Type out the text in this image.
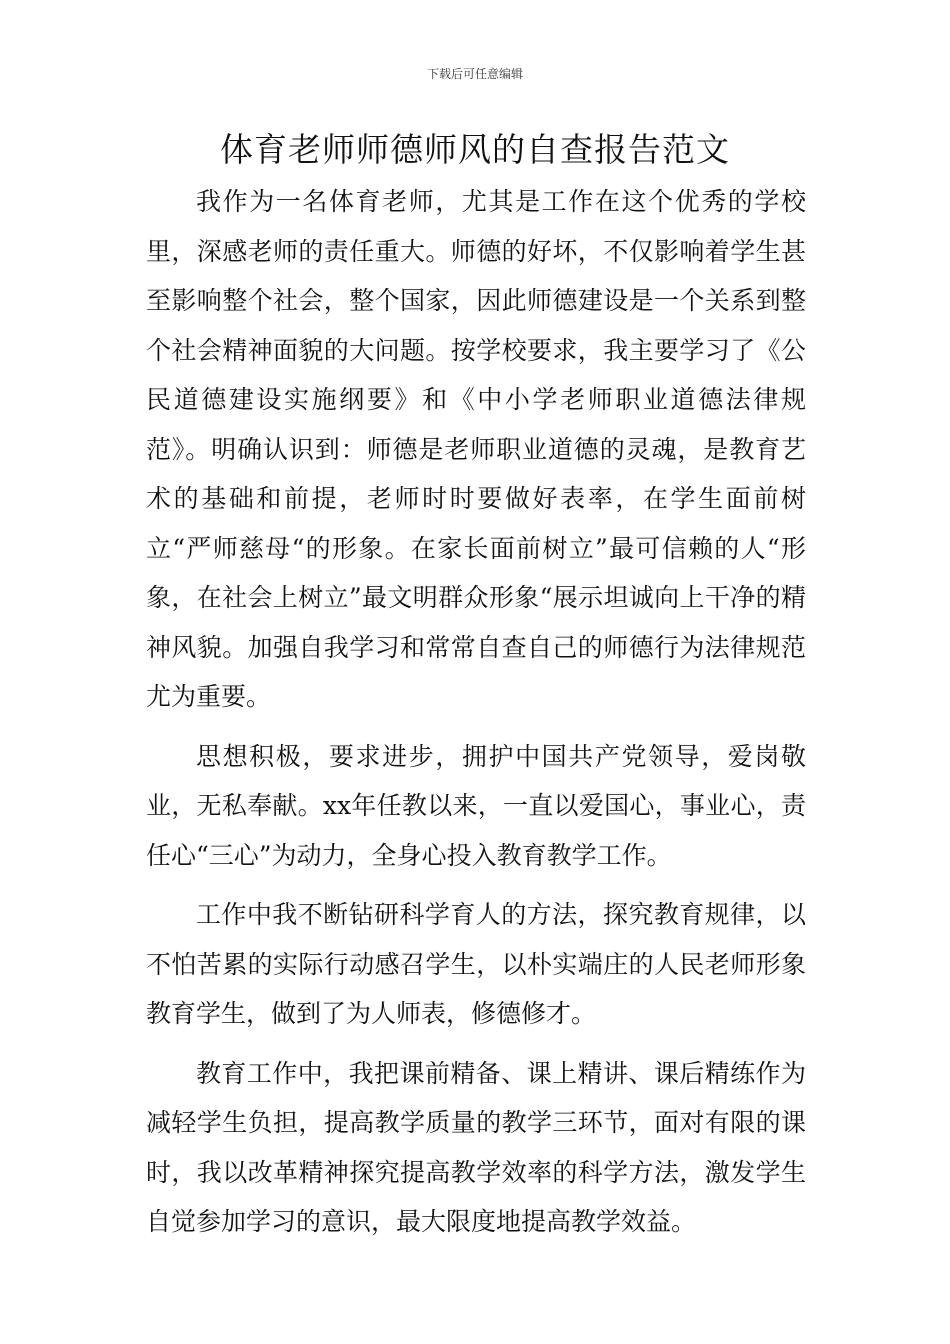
下载后可任意编辑
体育老师师德师风的自查报告范文

我作为一名体育老师，尤其是工作在这个优秀的学校里，深感老师的责任重大。师德的好坏，不仅影响着学生甚至影响整个社会，整个国家，因此师德建设是一个关系到整个社会精神面貌的大问题。按学校要求，我主要学习了《公民道德建设实施纲要》和《中小学老师职业道德法律规范》。明确认识到：师德是老师职业道德的灵魂，是教育艺术的基础和前提，老师时时要做好表率，在学生面前树立“严师慈母“的形象。在家长面前树立”最可信赖的人“形象，在社会上树立”最文明群众形象“展示坦诚向上干净的精神风貌。加强自我学习和常常自查自己的师德行为法律规范尤为重要。

思想积极，要求进步，拥护中国共产党领导，爱岗敬业，无私奉献。xx年任教以来，一直以爱国心，事业心，责任心“三心”为动力，全身心投入教育教学工作。

工作中我不断钻研科学育人的方法，探究教育规律，以不怕苦累的实际行动感召学生，以朴实端庄的人民老师形象教育学生，做到了为人师表，修德修才。

教育工作中，我把课前精备、课上精讲、课后精练作为减轻学生负担，提高教学质量的教学三环节，面对有限的课时，我以改革精神探究提高教学效率的科学方法，激发学生自觉参加学习的意识，最大限度地提高教学效益。
